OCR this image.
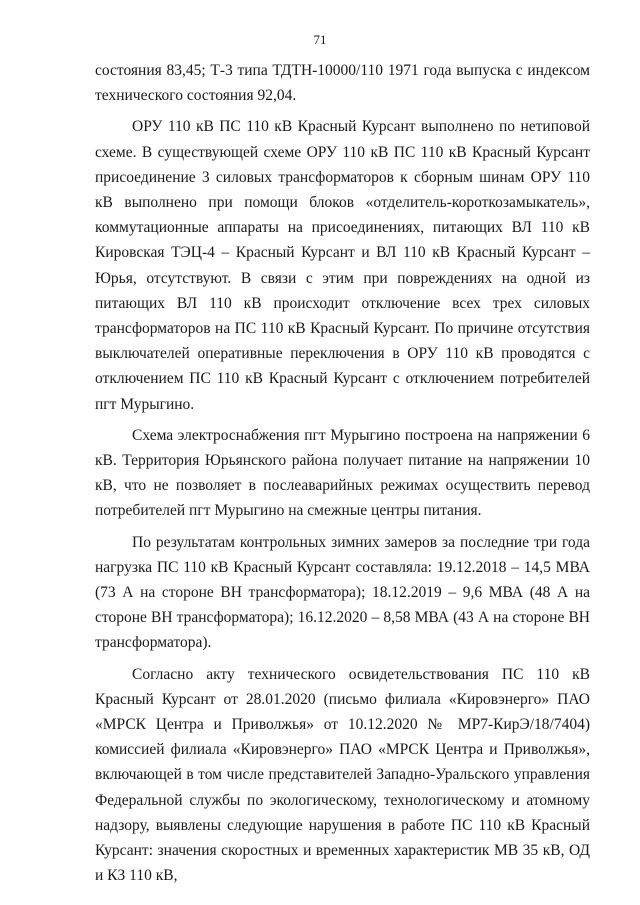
71

состояния 83,45; Т-3 типа ТДТН-10000/110 1971 года выпуска с индексом технического состояния 92,04.

ОРУ 110 кВ ПС 110 кВ Красный Курсант выполнено по нетиповой схеме. В существующей схеме ОРУ 110 кВ ПС 110 кВ Красный Курсант присоединение 3 силовых трансформаторов к сборным шинам ОРУ 110 кВ выполнено при помощи блоков «отделитель-короткозамыкатель», коммутационные аппараты на присоединениях, питающих ВЛ 110 кВ Кировская ТЭЦ-4 – Красный Курсант и ВЛ 110 кВ Красный Курсант – Юрья, отсутствуют. В связи с этим при повреждениях на одной из питающих ВЛ 110 кВ происходит отключение всех трех силовых трансформаторов на ПС 110 кВ Красный Курсант. По причине отсутствия выключателей оперативные переключения в ОРУ 110 кВ проводятся с отключением ПС 110 кВ Красный Курсант с отключением потребителей пгт Мурыгино.

Схема электроснабжения пгт Мурыгино построена на напряжении 6 кВ. Территория Юрьянского района получает питание на напряжении 10 кВ, что не позволяет в послеаварийных режимах осуществить перевод потребителей пгт Мурыгино на смежные центры питания.

По результатам контрольных зимних замеров за последние три года нагрузка ПС 110 кВ Красный Курсант составляла: 19.12.2018 – 14,5 МВА (73 А на стороне ВН трансформатора); 18.12.2019 – 9,6 МВА (48 А на стороне ВН трансформатора); 16.12.2020 – 8,58 МВА (43 А на стороне ВН трансформатора).

Согласно акту технического освидетельствования ПС 110 кВ Красный Курсант от 28.01.2020 (письмо филиала «Кировэнерго» ПАО «МРСК Центра и Приволжья» от 10.12.2020 № МР7-КирЭ/18/7404) комиссией филиала «Кировэнерго» ПАО «МРСК Центра и Приволжья», включающей в том числе представителей Западно-Уральского управления Федеральной службы по экологическому, технологическому и атомному надзору, выявлены следующие нарушения в работе ПС 110 кВ Красный Курсант: значения скоростных и временных характеристик МВ 35 кВ, ОД и КЗ 110 кВ,
